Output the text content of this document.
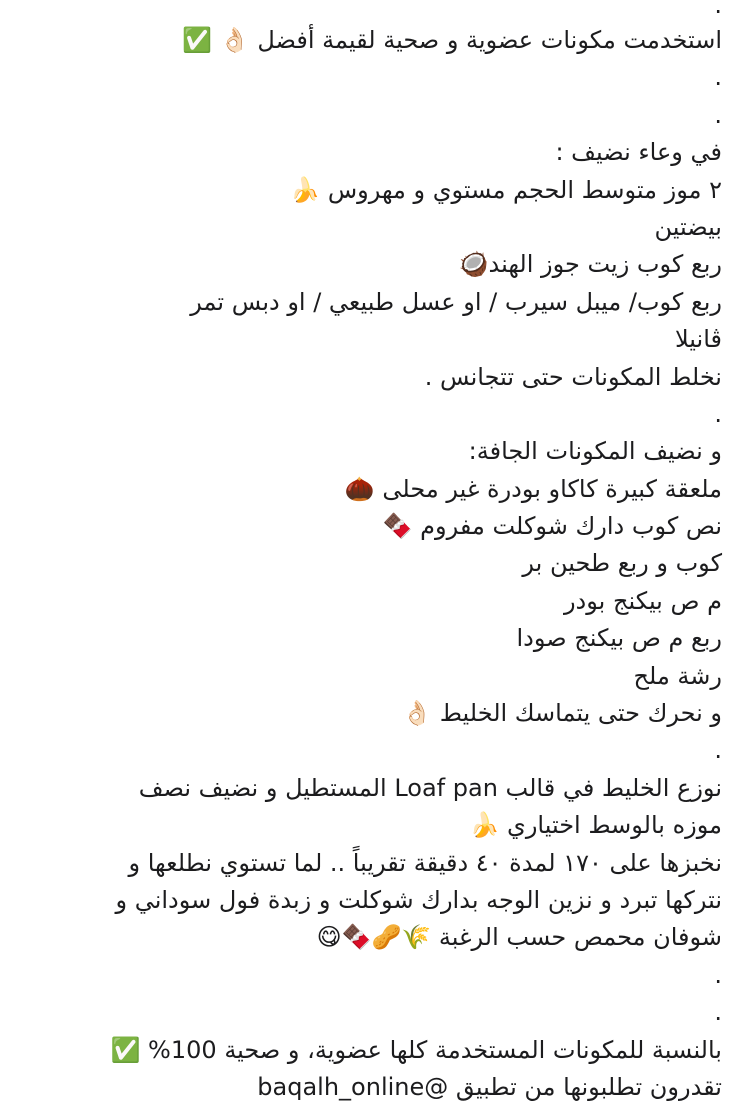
.
استخدمت مكونات عضوية و صحية لقيمة أفضل 👌🏻 ✅
.
.
في وعاء نضيف :
٢ موز متوسط الحجم مستوي و مهروس 🍌
بيضتين
ربع كوب زيت جوز الهند🥥
ربع كوب/ ميبل سيرب / او عسل طبيعي / او دبس تمر
ڤانيلا
نخلط المكونات حتى تتجانس .
.
و نضيف المكونات الجافة:
ملعقة كبيرة كاكاو بودرة غير محلى 🌰
نص كوب دارك شوكلت مفروم 🍫
كوب و ربع طحين بر
م ص بيكنج بودر
ربع م ص بيكنج صودا
رشة ملح
و نحرك حتى يتماسك الخليط 👌🏻
.
نوزع الخليط في قالب Loaf pan المستطيل و نضيف نصف
موزه بالوسط اختياري 🍌
نخبزها على ١٧٠ لمدة ٤٠ دقيقة تقريباً .. لما تستوي نطلعها و
نتركها تبرد و نزين الوجه بدارك شوكلت و زبدة فول سوداني و
شوفان محمص حسب الرغبة 🌾🥜🍫😋
.
.
بالنسبة للمكونات المستخدمة كلها عضوية، و صحية 100% ✅
تقدرون تطلبونها من تطبيق @baqalh_online
